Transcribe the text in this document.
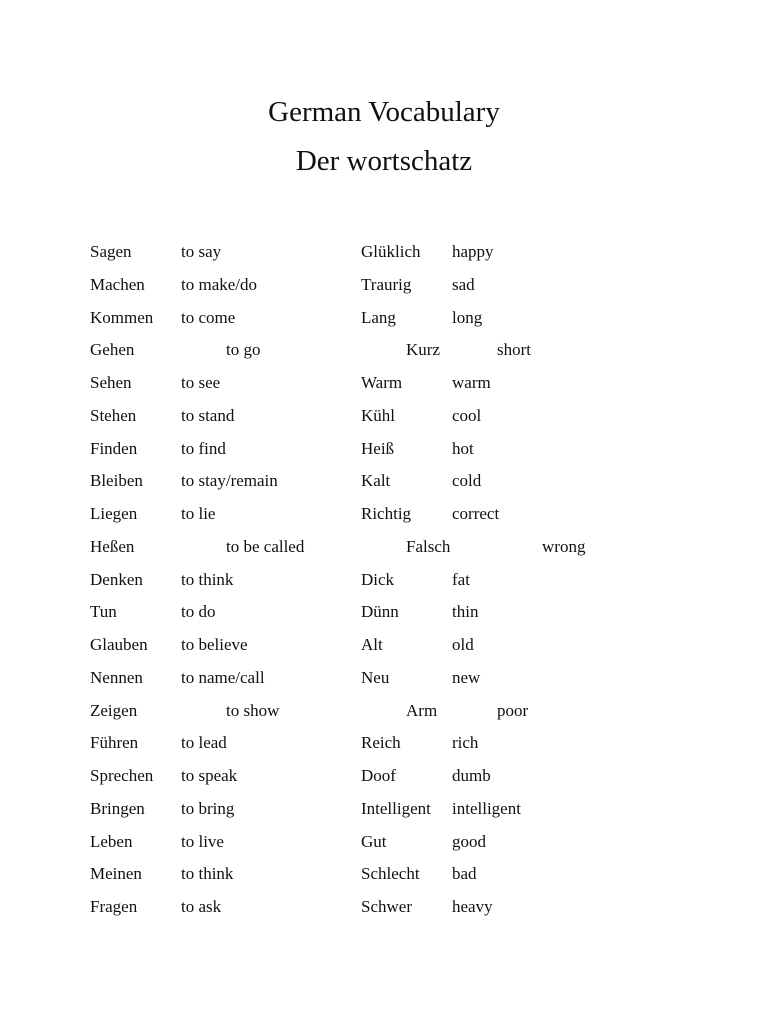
German Vocabulary
Der wortschatz
Sagen	to say	Glüklich happy
Machen to make/do	Traurig sad
Kommen to come	Lang	long
Gehen	to go	Kurz	short
Sehen	to see	Warm	warm
Stehen	to stand	Kühl	cool
Finden	to find	Heiß	hot
Bleiben to stay/remain	Kalt	cold
Liegen	to lie	Richtig correct
Heßen	to be called	Falsch	wrong
Denken to think	Dick	fat
Tun	to do	Dünn	thin
Glauben to believe	Alt	old
Nennen to name/call	Neu	new
Zeigen	to show	Arm	poor
Führen	to lead	Reich	rich
Sprechen to speak	Doof	dumb
Bringen to bring	Intelligent intelligent
Leben	to live	Gut	good
Meinen to think	Schlecht bad
Fragen	to ask	Schwer heavy
